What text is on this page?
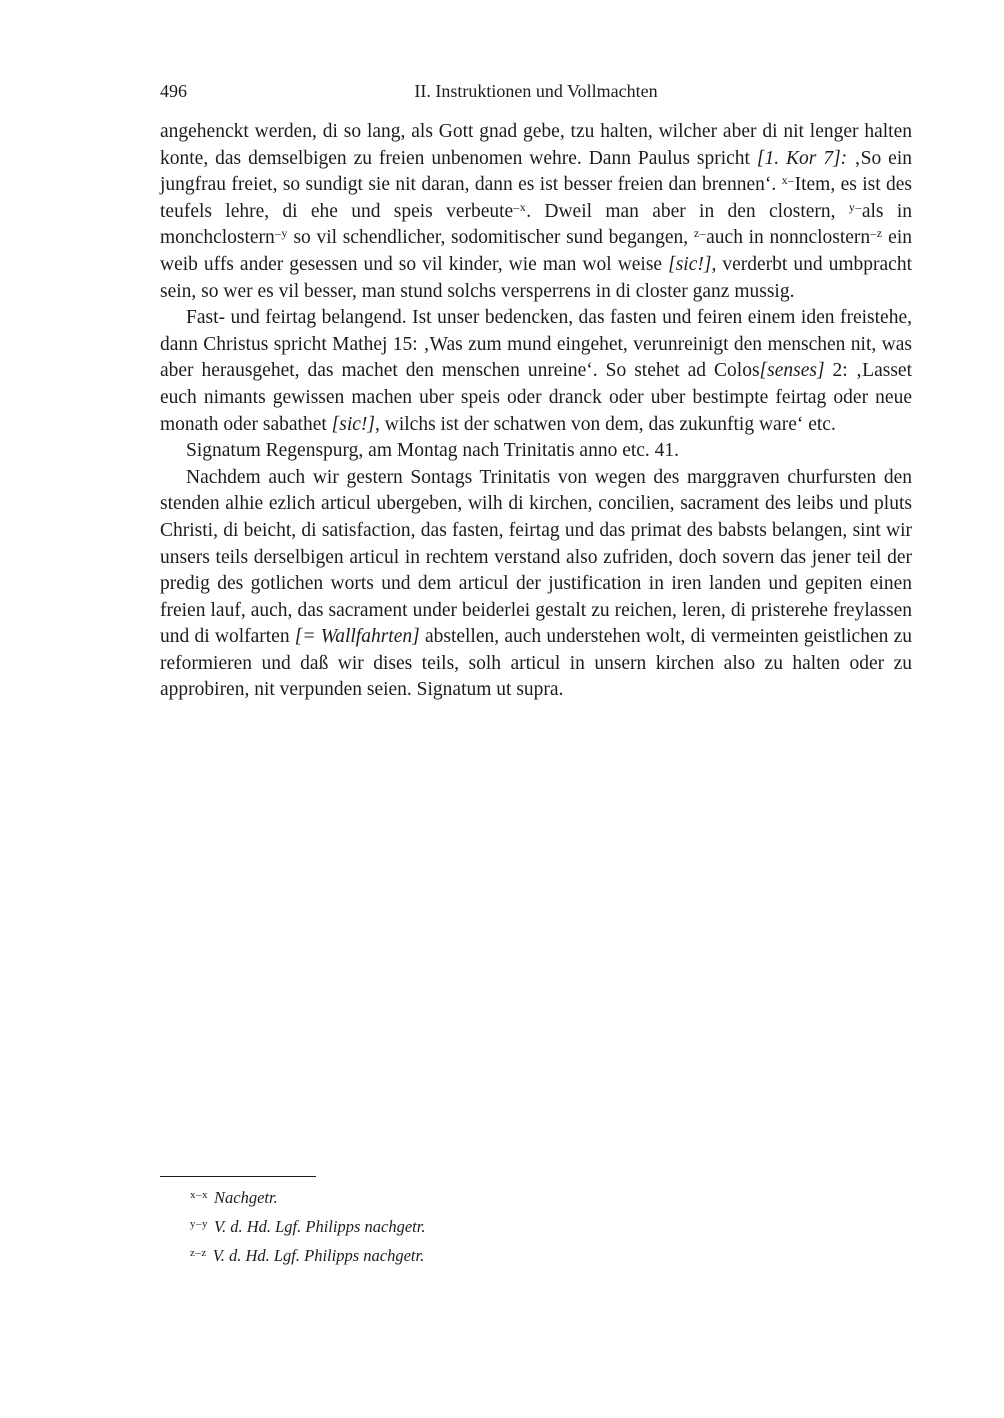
496	II. Instruktionen und Vollmachten

angehenckt werden, di so lang, als Gott gnad gebe, tzu halten, wilcher aber di nit lenger halten konte, das demselbigen zu freien unbenomen wehre. Dann Paulus spricht [1. Kor 7]: ‚So ein jungfrau freiet, so sundigt sie nit daran, dann es ist besser freien dan brennen‘. $^{x-}$Item, es ist des teufels lehre, di ehe und speis verbeute$^{-x}$. Dweil man aber in den clostern, $^{y-}$als in monchclostern$^{-y}$ so vil schendlicher, sodomitischer sund begangen, $^{z-}$auch in nonnclostern$^{-z}$ ein weib uffs ander gesessen und so vil kinder, wie man wol weise [sic!], verderbt und umbpracht sein, so wer es vil besser, man stund solchs versperrens in di closter ganz mussig.

Fast- und feirtag belangend. Ist unser bedencken, das fasten und feiren einem iden freistehe, dann Christus spricht Mathej 15: ‚Was zum mund eingehet, verunreinigt den menschen nit, was aber herausgehet, das machet den menschen unreine‘. So stehet ad Colos[senses] 2: ‚Lasset euch nimants gewissen machen uber speis oder dranck oder uber bestimpte feirtag oder neue monath oder sabathet [sic!], wilchs ist der schatwen von dem, das zukunftig ware‘ etc.

Signatum Regenspurg, am Montag nach Trinitatis anno etc. 41.

Nachdem auch wir gestern Sontags Trinitatis von wegen des marggraven churfursten den stenden alhie ezlich articul ubergeben, wilh di kirchen, concilien, sacrament des leibs und pluts Christi, di beicht, di satisfaction, das fasten, feirtag und das primat des babsts belangen, sint wir unsers teils derselbigen articul in rechtem verstand also zufriden, doch sovern das jener teil der predig des gotlichen worts und dem articul der justification in iren landen und gepiten einen freien lauf, auch, das sacrament under beiderlei gestalt zu reichen, leren, di pristerehe freylassen und di wolfarten [= Wallfahrten] abstellen, auch understehen wolt, di vermeinten geistlichen zu reformieren und daß wir dises teils, solh articul in unsern kirchen also zu halten oder zu approbiren, nit verpunden seien. Signatum ut supra.

$^{x-x}$ Nachgetr.
$^{y-y}$ V. d. Hd. Lgf. Philipps nachgetr.
$^{z-z}$ V. d. Hd. Lgf. Philipps nachgetr.
